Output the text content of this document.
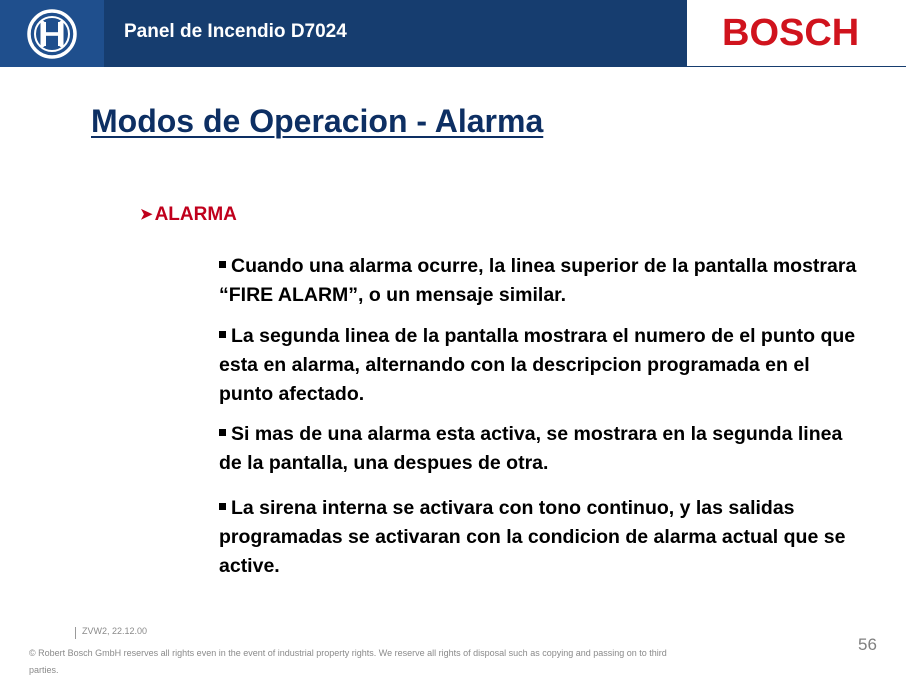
Panel de Incendio D7024	BOSCH
Modos de Operacion - Alarma
➤ ALARMA
Cuando una alarma ocurre, la linea superior de la pantalla mostrara “FIRE ALARM”, o un mensaje similar.
La segunda linea de la pantalla mostrara el numero de el punto que esta en alarma, alternando con la descripcion programada en el punto afectado.
Si mas de una alarma esta activa, se mostrara en la segunda linea de la pantalla, una despues de otra.
La sirena interna se activara con tono continuo, y las salidas programadas se activaran con la condicion de alarma actual que se active.
ZVW2, 22.12.00
© Robert Bosch GmbH reserves all rights even in the event of industrial property rights. We reserve all rights of disposal such as copying and passing on to third parties.
56
